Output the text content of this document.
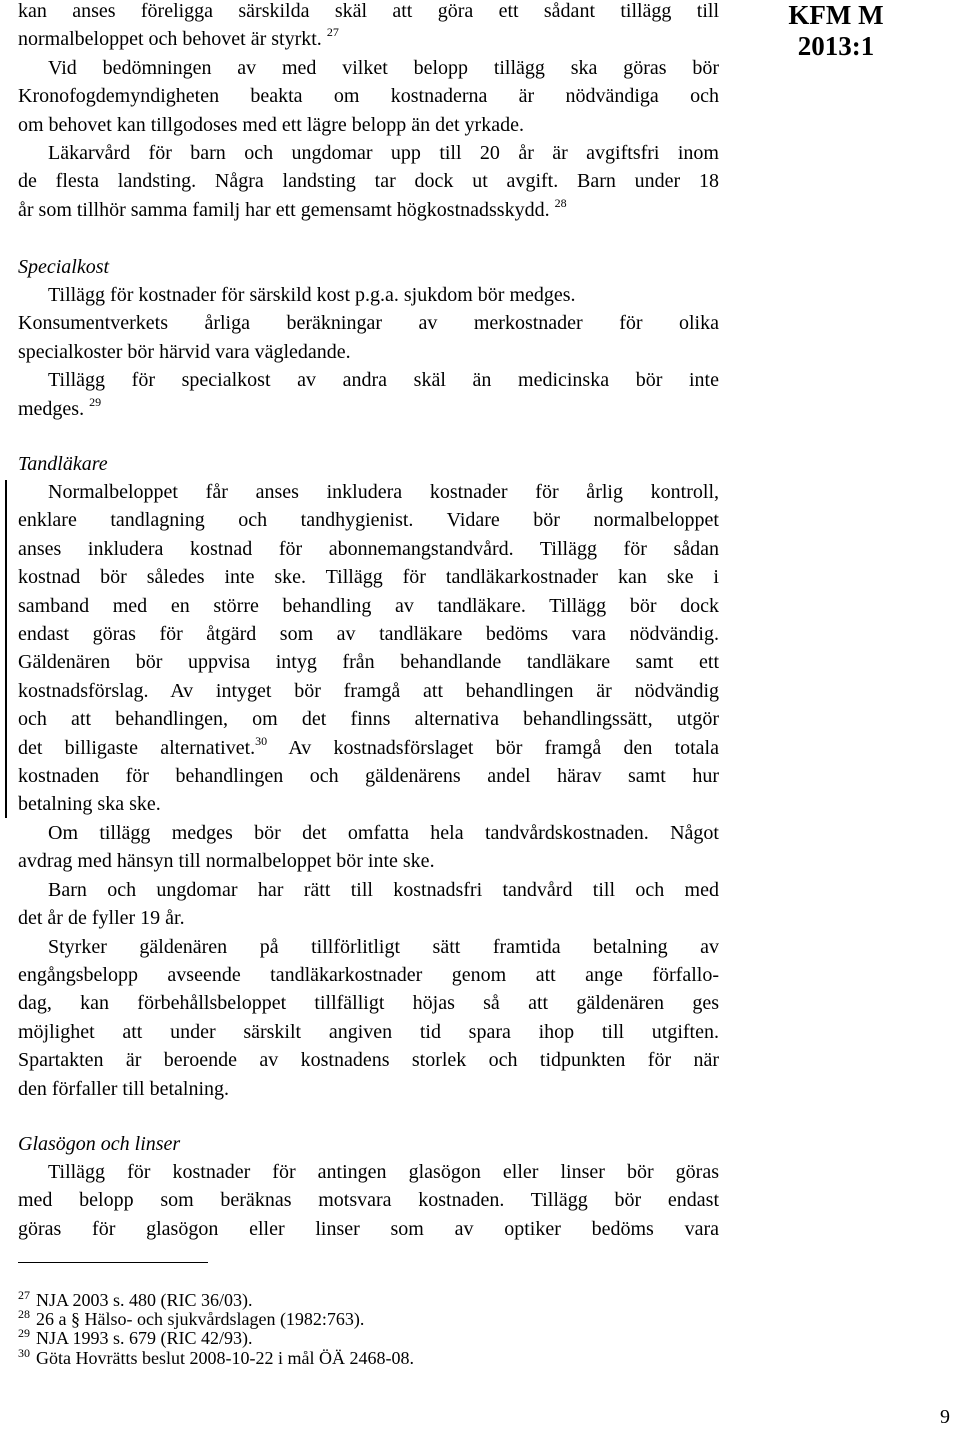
KFM M
2013:1

kan anses föreligga särskilda skäl att göra ett sådant tillägg till
normalbeloppet och behovet är styrkt. $^{27}$
Vid bedömningen av med vilket belopp tillägg ska göras bör
Kronofogdemyndigheten beakta om kostnaderna är nödvändiga och
om behovet kan tillgodoses med ett lägre belopp än det yrkade.
Läkarvård för barn och ungdomar upp till 20 år är avgiftsfri inom
de flesta landsting. Några landsting tar dock ut avgift. Barn under 18
år som tillhör samma familj har ett gemensamt högkostnadsskydd. $^{28}$

Specialkost

Tillägg för kostnader för särskild kost p.g.a. sjukdom bör medges.
Konsumentverkets årliga beräkningar av merkostnader för olika
specialkoster bör härvid vara vägledande.
Tillägg för specialkost av andra skäl än medicinska bör inte
medges. $^{29}$

Tandläkare

Normalbeloppet får anses inkludera kostnader för årlig kontroll,
enklare tandlagning och tandhygienist. Vidare bör normalbeloppet
anses inkludera kostnad för abonnemangstandvård. Tillägg för sådan
kostnad bör således inte ske. Tillägg för tandläkarkostnader kan ske i
samband med en större behandling av tandläkare. Tillägg bör dock
endast göras för åtgärd som av tandläkare bedöms vara nödvändig.
Gäldenären bör uppvisa intyg från behandlande tandläkare samt ett
kostnadsförslag. Av intyget bör framgå att behandlingen är nödvändig
och att behandlingen, om det finns alternativa behandlingssätt, utgör
det billigaste alternativet.$^{30}$ Av kostnadsförslaget bör framgå den totala
kostnaden för behandlingen och gäldenärens andel härav samt hur
betalning ska ske.
Om tillägg medges bör det omfatta hela tandvårdskostnaden. Något
avdrag med hänsyn till normalbeloppet bör inte ske.
Barn och ungdomar har rätt till kostnadsfri tandvård till och med
det år de fyller 19 år.
Styrker gäldenären på tillförlitligt sätt framtida betalning av
engångsbelopp avseende tandläkarkostnader genom att ange förfallo-
dag, kan förbehållsbeloppet tillfälligt höjas så att gäldenären ges
möjlighet att under särskilt angiven tid spara ihop till utgiften.
Spartakten är beroende av kostnadens storlek och tidpunkten för när
den förfaller till betalning.

Glasögon och linser

Tillägg för kostnader för antingen glasögon eller linser bör göras
med belopp som beräknas motsvara kostnaden. Tillägg bör endast
göras för glasögon eller linser som av optiker bedöms vara

$^{27}$ NJA 2003 s. 480 (RIC 36/03).
$^{28}$ 26 a § Hälso- och sjukvårdslagen (1982:763).
$^{29}$ NJA 1993 s. 679 (RIC 42/93).
$^{30}$ Göta Hovrätts beslut 2008-10-22 i mål ÖÄ 2468-08.
9
